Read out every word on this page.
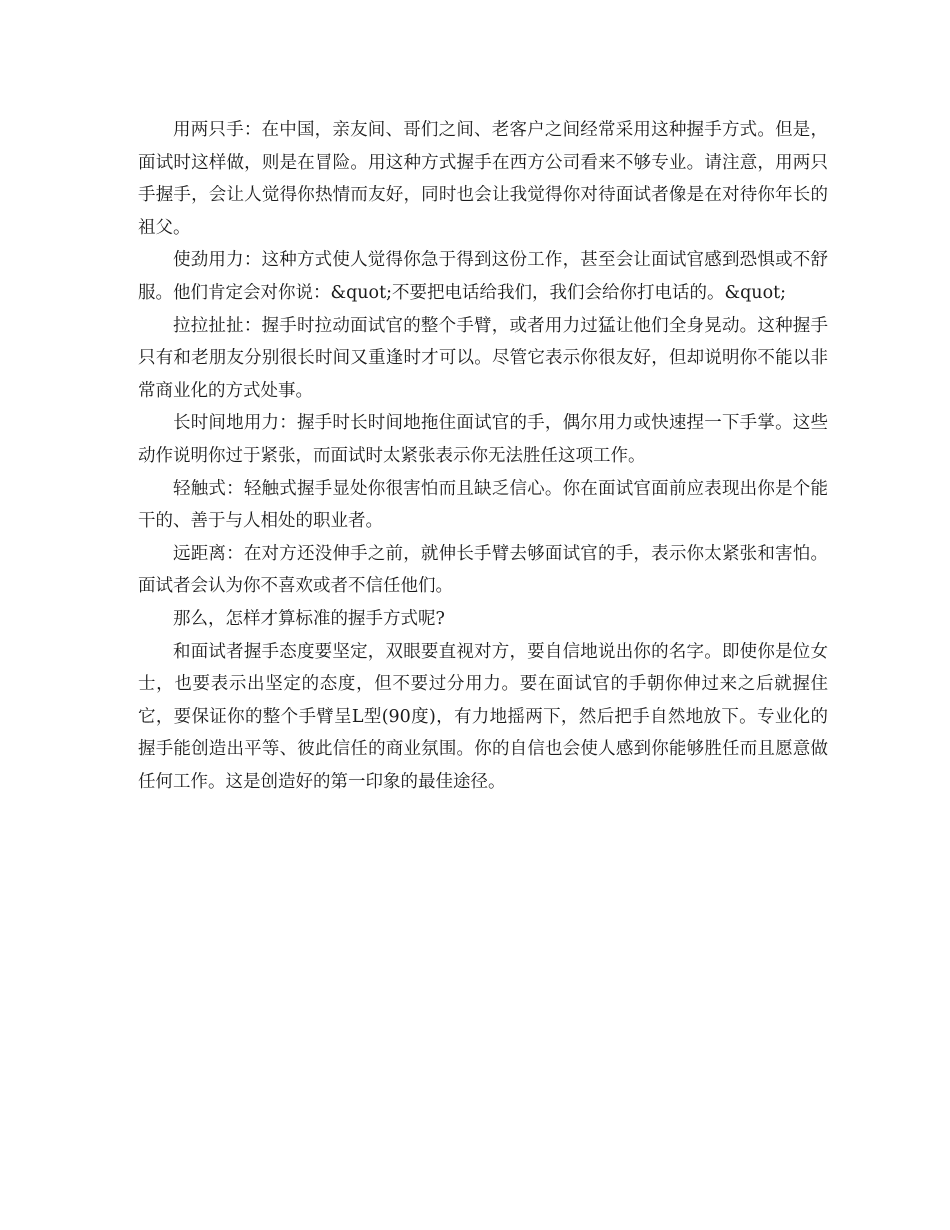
用两只手：在中国，亲友间、哥们之间、老客户之间经常采用这种握手方式。但是，面试时这样做，则是在冒险。用这种方式握手在西方公司看来不够专业。请注意，用两只手握手，会让人觉得你热情而友好，同时也会让我觉得你对待面试者像是在对待你年长的祖父。

使劲用力：这种方式使人觉得你急于得到这份工作，甚至会让面试官感到恐惧或不舒服。他们肯定会对你说：&quot;不要把电话给我们，我们会给你打电话的。&quot;

拉拉扯扯：握手时拉动面试官的整个手臂，或者用力过猛让他们全身晃动。这种握手只有和老朋友分别很长时间又重逢时才可以。尽管它表示你很友好，但却说明你不能以非常商业化的方式处事。

长时间地用力：握手时长时间地拖住面试官的手，偶尔用力或快速捏一下手掌。这些动作说明你过于紧张，而面试时太紧张表示你无法胜任这项工作。

轻触式：轻触式握手显处你很害怕而且缺乏信心。你在面试官面前应表现出你是个能干的、善于与人相处的职业者。

远距离：在对方还没伸手之前，就伸长手臂去够面试官的手，表示你太紧张和害怕。面试者会认为你不喜欢或者不信任他们。

那么，怎样才算标准的握手方式呢?

和面试者握手态度要坚定，双眼要直视对方，要自信地说出你的名字。即使你是位女士，也要表示出坚定的态度，但不要过分用力。要在面试官的手朝你伸过来之后就握住它，要保证你的整个手臂呈L型(90度)，有力地摇两下，然后把手自然地放下。专业化的握手能创造出平等、彼此信任的商业氛围。你的自信也会使人感到你能够胜任而且愿意做任何工作。这是创造好的第一印象的最佳途径。
